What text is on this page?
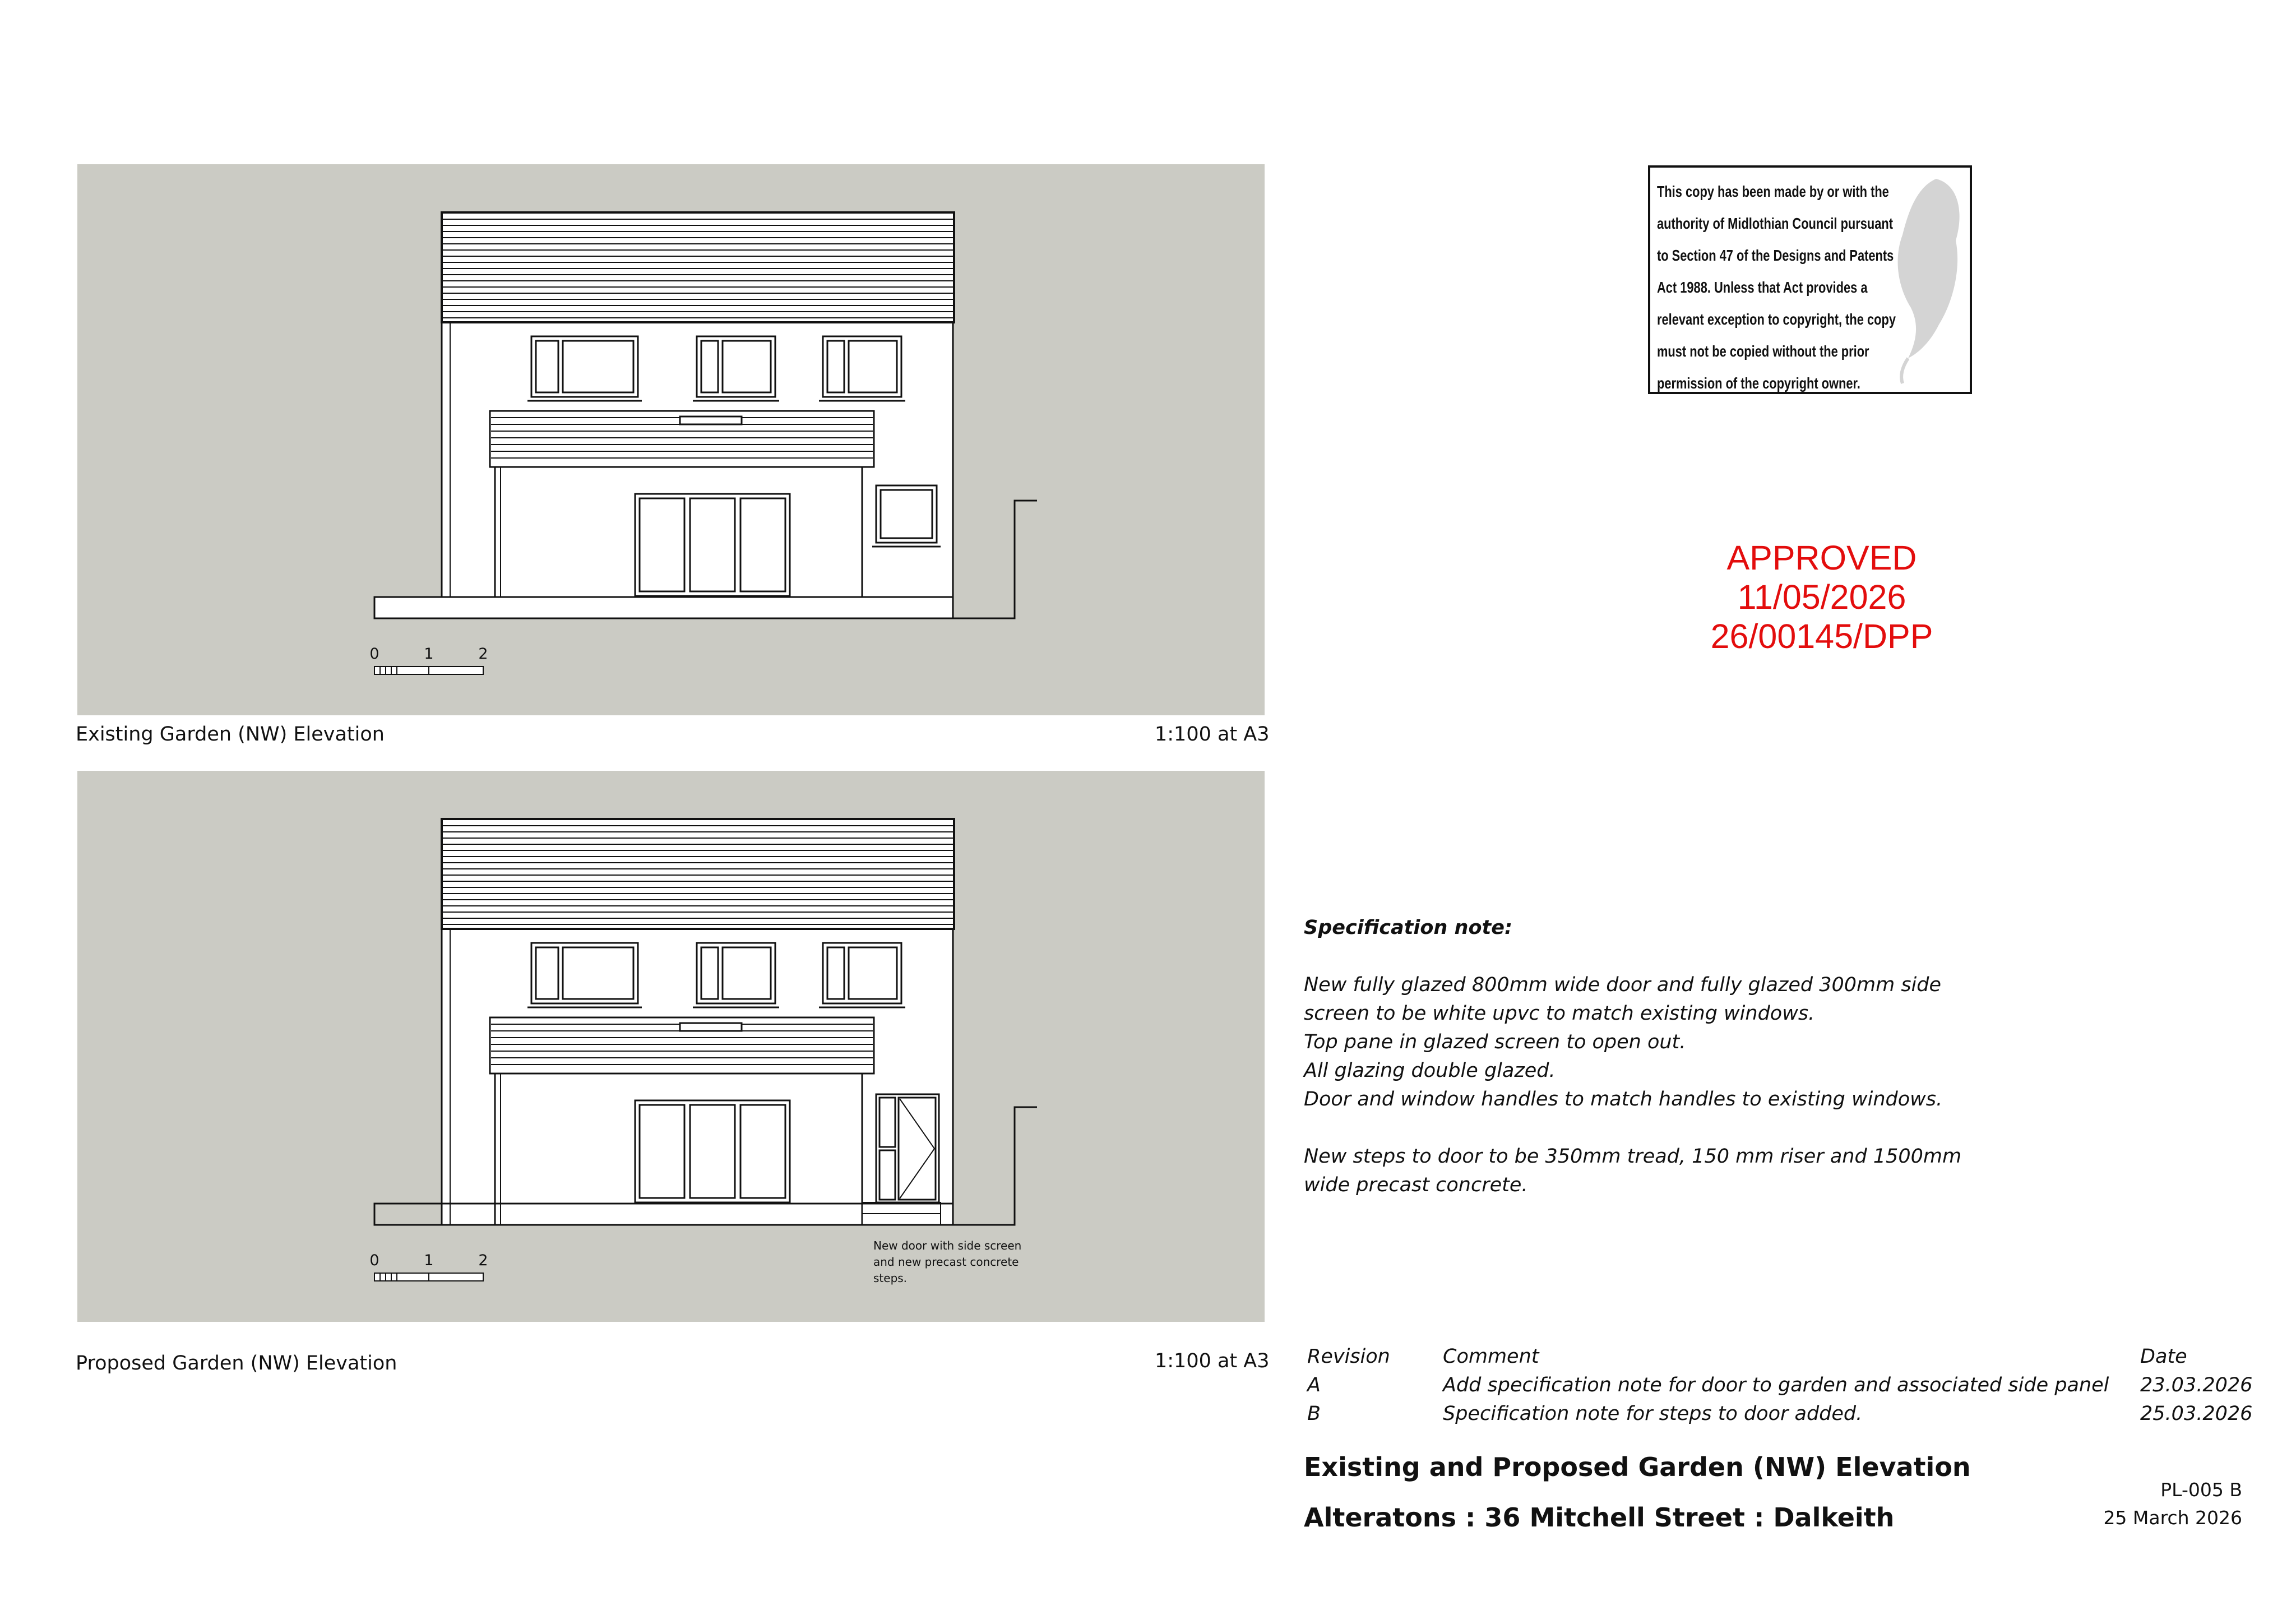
0	1	2
Existing Garden (NW) Elevation	1:100 at A3
0	1	2
New door with side screen
and new precast concrete
steps.
Proposed Garden (NW) Elevation	1:100 at A3
This copy has been made by or with the
authority of Midlothian Council pursuant
to Section 47 of the Designs and Patents
Act 1988. Unless that Act provides a
relevant exception to copyright, the copy
must not be copied without the prior
permission of the copyright owner.
APPROVED
11/05/2026
26/00145/DPP
Specification note:
New fully glazed 800mm wide door and fully glazed 300mm side
screen to be white upvc to match existing windows.
Top pane in glazed screen to open out.
All glazing double glazed.
Door and window handles to match handles to existing windows.
New steps to door to be 350mm tread, 150 mm riser and 1500mm
wide precast concrete.
Revision	Comment	Date
A	Add specification note for door to garden and associated side panel 23.03.2026
B	Specification note for steps to door added.	25.03.2026
Existing and Proposed Garden (NW) Elevation
Alteratons : 36 Mitchell Street : Dalkeith
PL-005 B
25 March 2026
